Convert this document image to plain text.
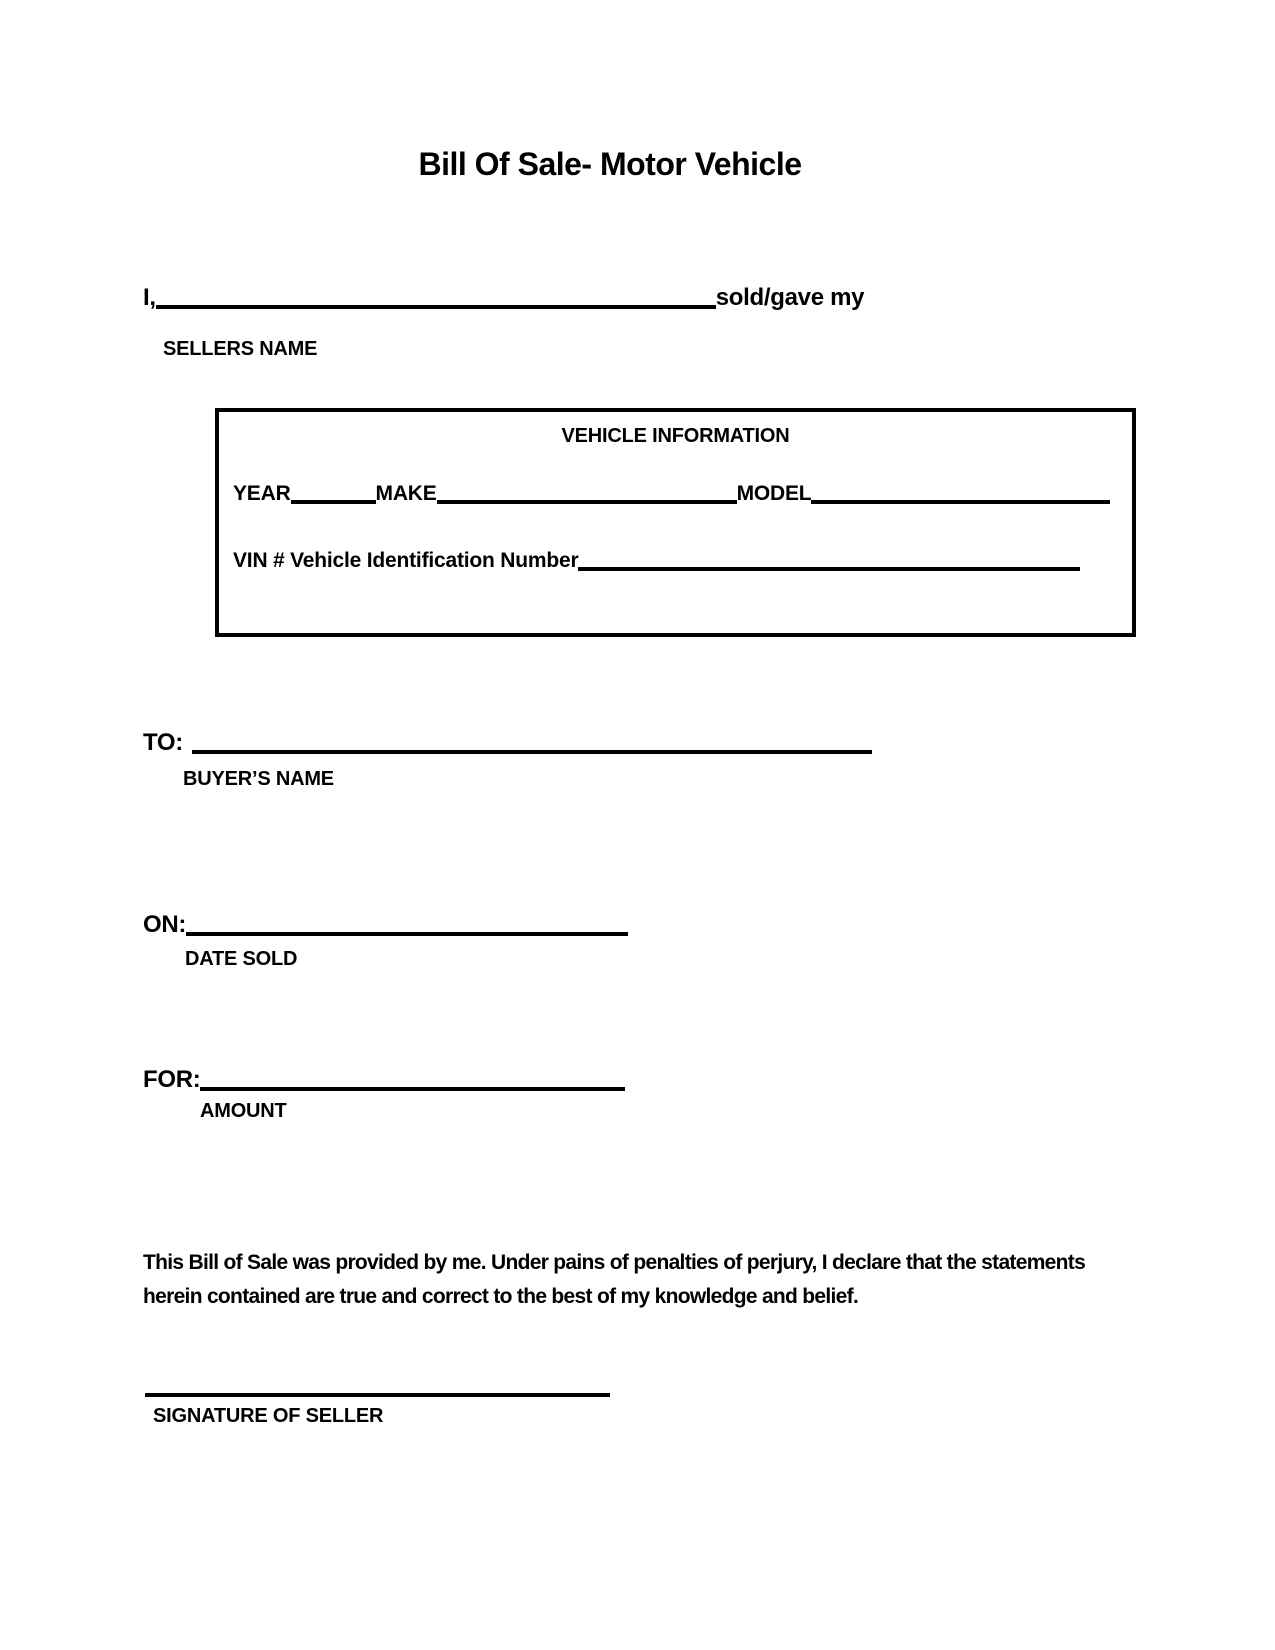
Bill Of Sale- Motor Vehicle
I,	sold/gave my
SELLERS NAME
VEHICLE INFORMATION
YEAR	MAKE	MODEL
VIN # Vehicle Identification Number
TO:
BUYER’S NAME
ON:
DATE SOLD
FOR:
AMOUNT
This Bill of Sale was provided by me. Under pains of penalties of perjury, I declare that the statements herein contained are true and correct to the best of my knowledge and belief.
SIGNATURE OF SELLER
